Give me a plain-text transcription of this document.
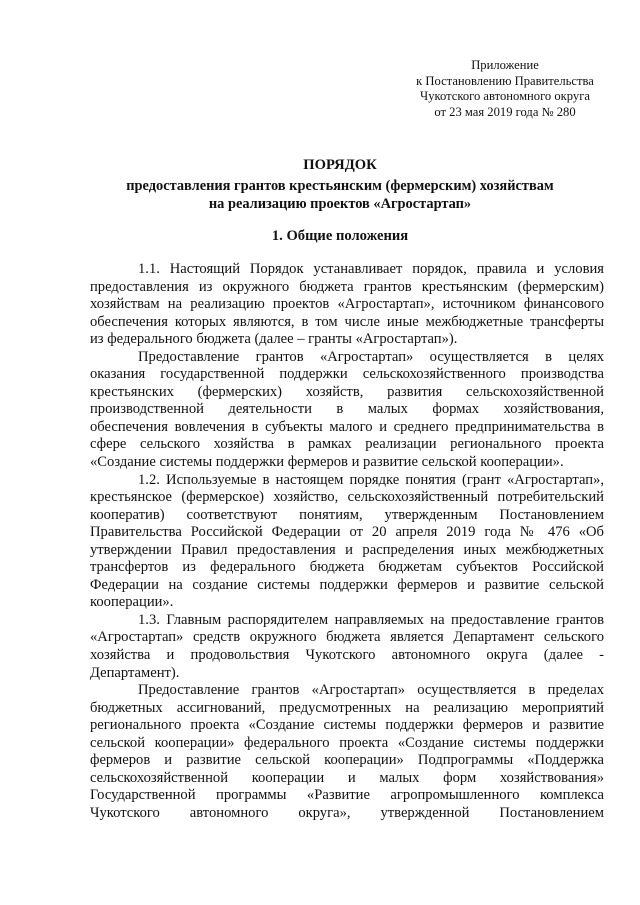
Приложение
к Постановлению Правительства
Чукотского автономного округа
от 23 мая 2019 года № 280
ПОРЯДОК
предоставления грантов крестьянским (фермерским) хозяйствам
на реализацию проектов «Агростартап»
1. Общие положения
1.1. Настоящий Порядок устанавливает порядок, правила и условия
предоставления из окружного бюджета грантов крестьянским (фермерским)
хозяйствам на реализацию проектов «Агростартап», источником финансового
обеспечения которых являются, в том числе иные межбюджетные трансферты
из федерального бюджета (далее – гранты «Агростартап»).
Предоставление грантов «Агростартап» осуществляется в целях
оказания государственной поддержки сельскохозяйственного производства
крестьянских (фермерских) хозяйств, развития сельскохозяйственной
производственной деятельности в малых формах хозяйствования,
обеспечения вовлечения в субъекты малого и среднего предпринимательства в
сфере сельского хозяйства в рамках реализации регионального проекта
«Создание системы поддержки фермеров и развитие сельской кооперации».
1.2. Используемые в настоящем порядке понятия (грант «Агростартап»,
крестьянское (фермерское) хозяйство, сельскохозяйственный потребительский
кооператив) соответствуют понятиям, утвержденным Постановлением
Правительства Российской Федерации от 20 апреля 2019 года № 476 «Об
утверждении Правил предоставления и распределения иных межбюджетных
трансфертов из федерального бюджета бюджетам субъектов Российской
Федерации на создание системы поддержки фермеров и развитие сельской
кооперации».
1.3. Главным распорядителем направляемых на предоставление грантов
«Агростартап» средств окружного бюджета является Департамент сельского
хозяйства и продовольствия Чукотского автономного округа (далее -
Департамент).
Предоставление грантов «Агростартап» осуществляется в пределах
бюджетных ассигнований, предусмотренных на реализацию мероприятий
регионального проекта «Создание системы поддержки фермеров и развитие
сельской кооперации» федерального проекта «Создание системы поддержки
фермеров и развитие сельской кооперации» Подпрограммы «Поддержка
сельскохозяйственной кооперации и малых форм хозяйствования»
Государственной программы «Развитие агропромышленного комплекса
Чукотского автономного округа», утвержденной Постановлением
